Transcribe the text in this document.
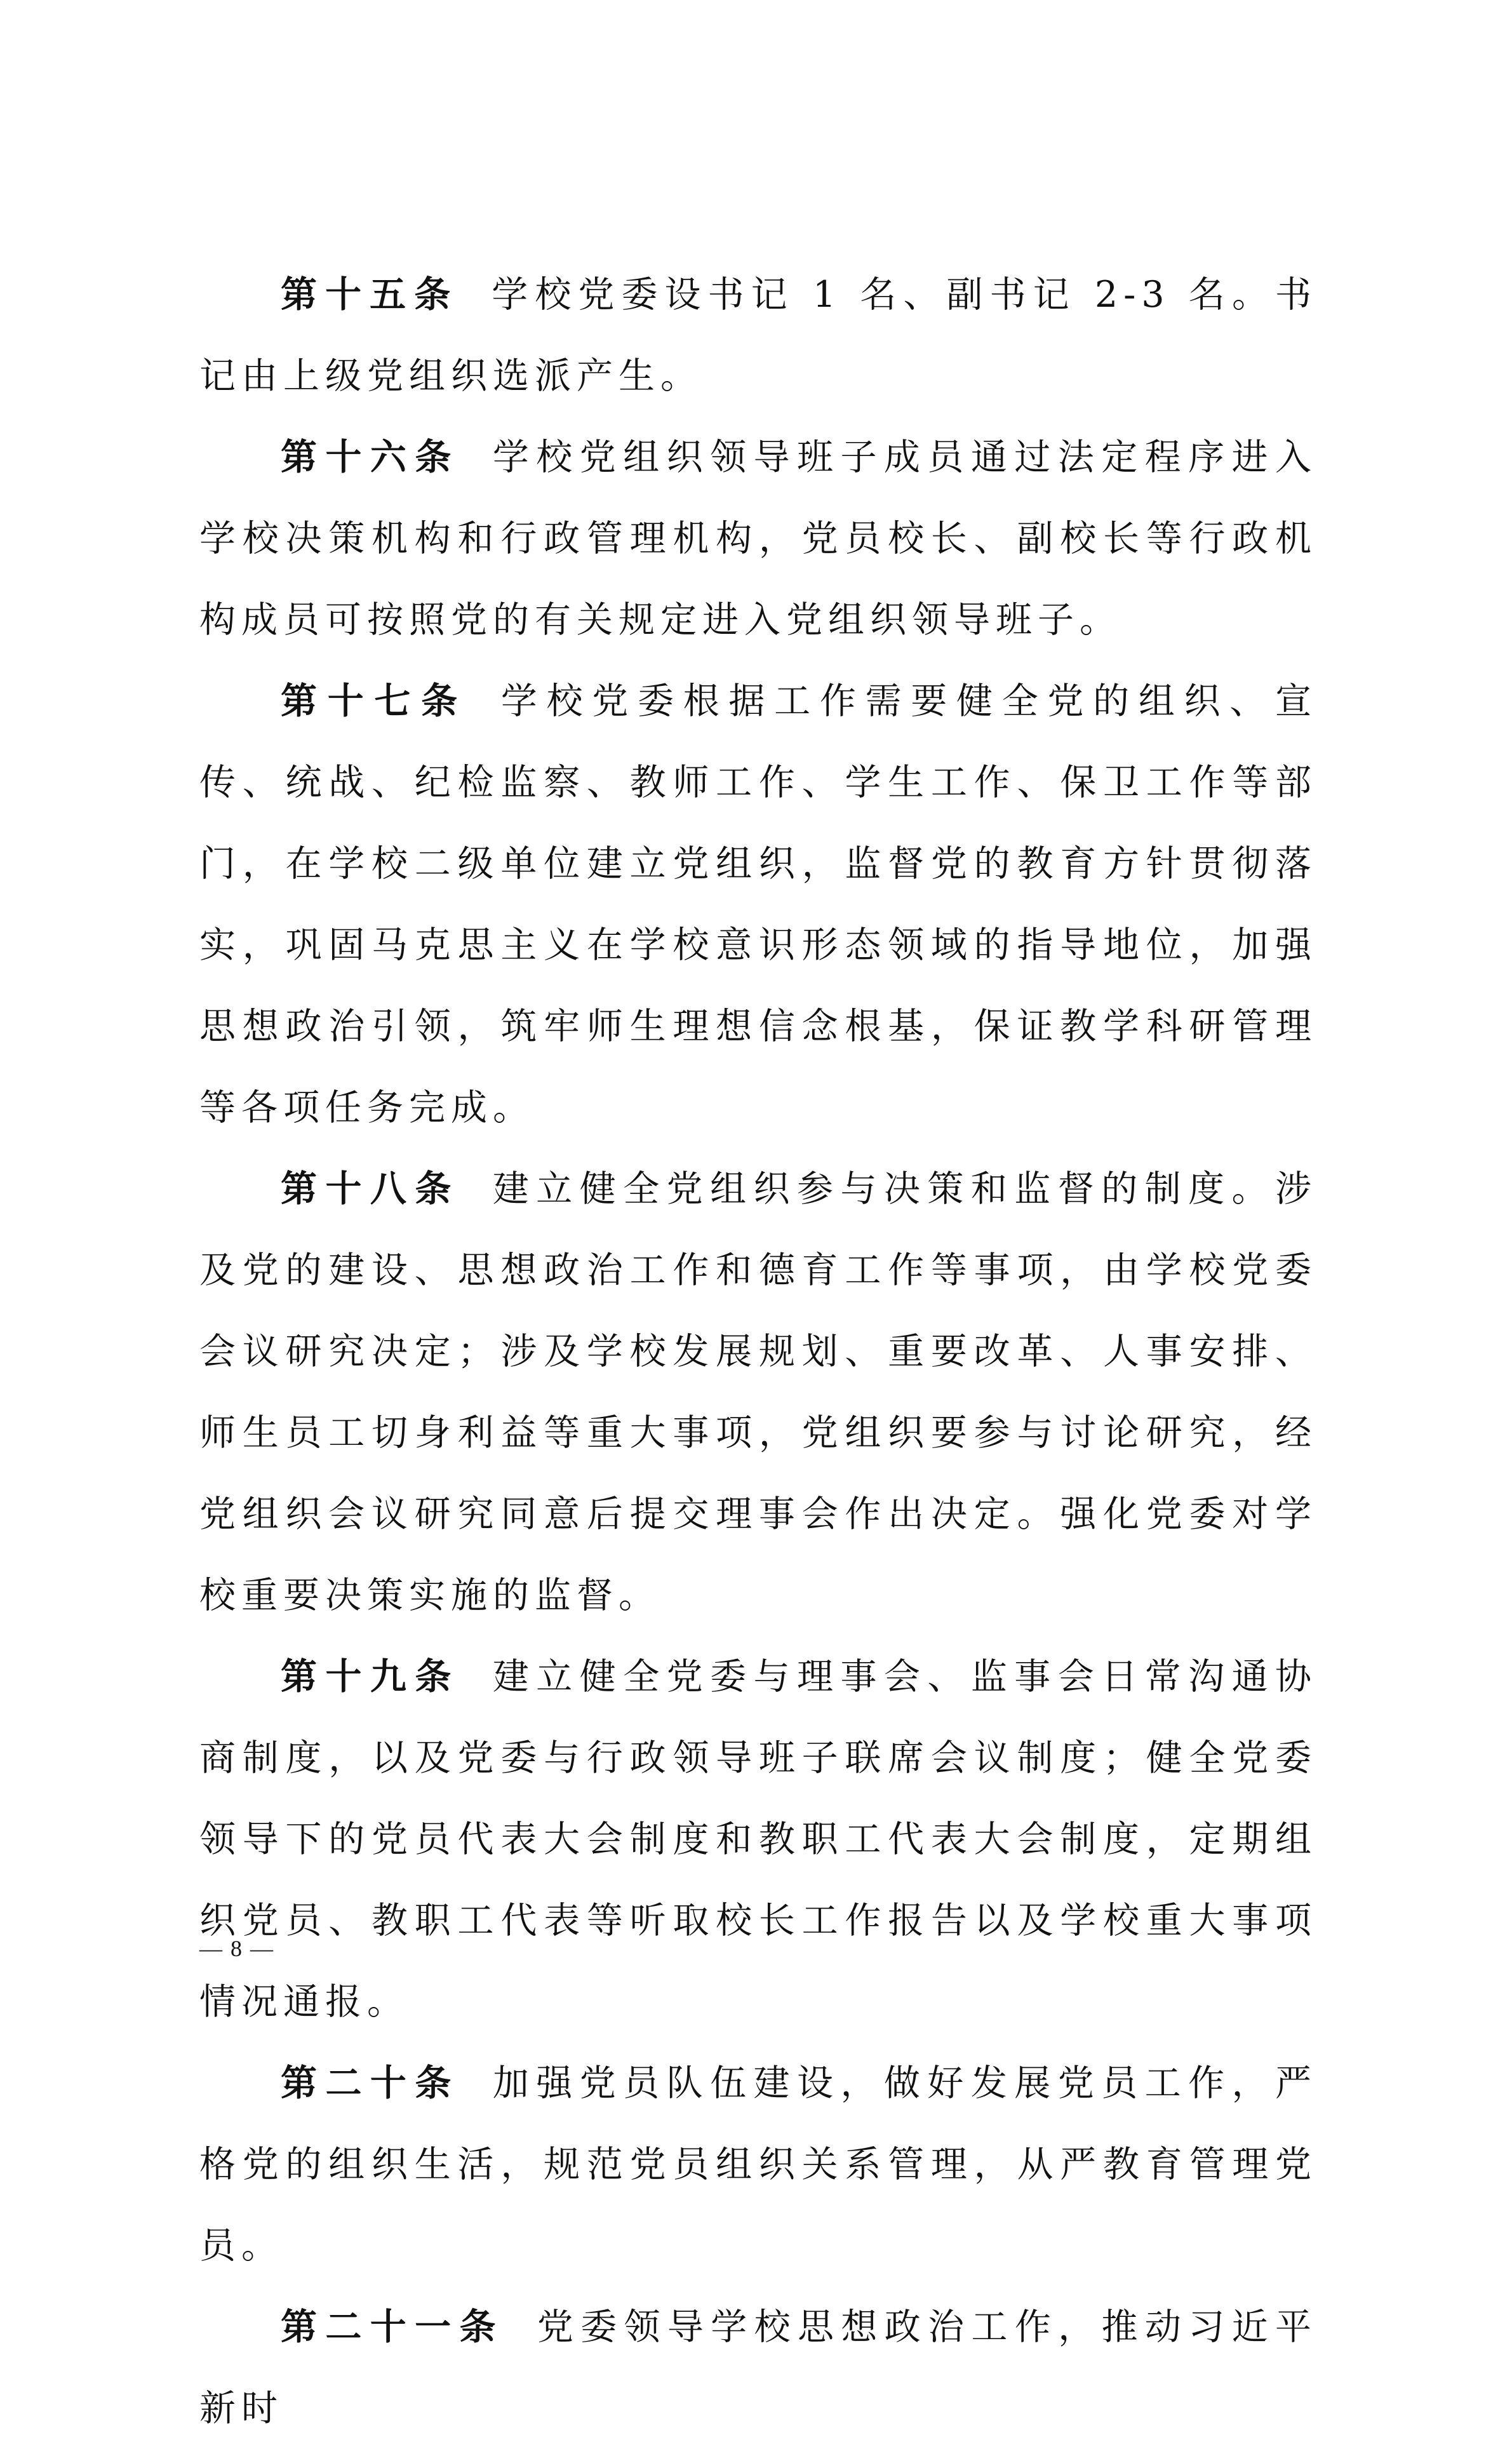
第十五条 学校党委设书记 1 名、副书记 2-3 名。书记由上级党组织选派产生。

第十六条 学校党组织领导班子成员通过法定程序进入学校决策机构和行政管理机构，党员校长、副校长等行政机构成员可按照党的有关规定进入党组织领导班子。

第十七条 学校党委根据工作需要健全党的组织、宣传、统战、纪检监察、教师工作、学生工作、保卫工作等部门，在学校二级单位建立党组织，监督党的教育方针贯彻落实，巩固马克思主义在学校意识形态领域的指导地位，加强思想政治引领，筑牢师生理想信念根基，保证教学科研管理等各项任务完成。

第十八条 建立健全党组织参与决策和监督的制度。涉及党的建设、思想政治工作和德育工作等事项，由学校党委会议研究决定；涉及学校发展规划、重要改革、人事安排、师生员工切身利益等重大事项，党组织要参与讨论研究，经党组织会议研究同意后提交理事会作出决定。强化党委对学校重要决策实施的监督。

第十九条 建立健全党委与理事会、监事会日常沟通协商制度，以及党委与行政领导班子联席会议制度；健全党委领导下的党员代表大会制度和教职工代表大会制度，定期组织党员、教职工代表等听取校长工作报告以及学校重大事项情况通报。

第二十条 加强党员队伍建设，做好发展党员工作，严格党的组织生活，规范党员组织关系管理，从严教育管理党员。

第二十一条 党委领导学校思想政治工作，推动习近平新时

— 8 —
